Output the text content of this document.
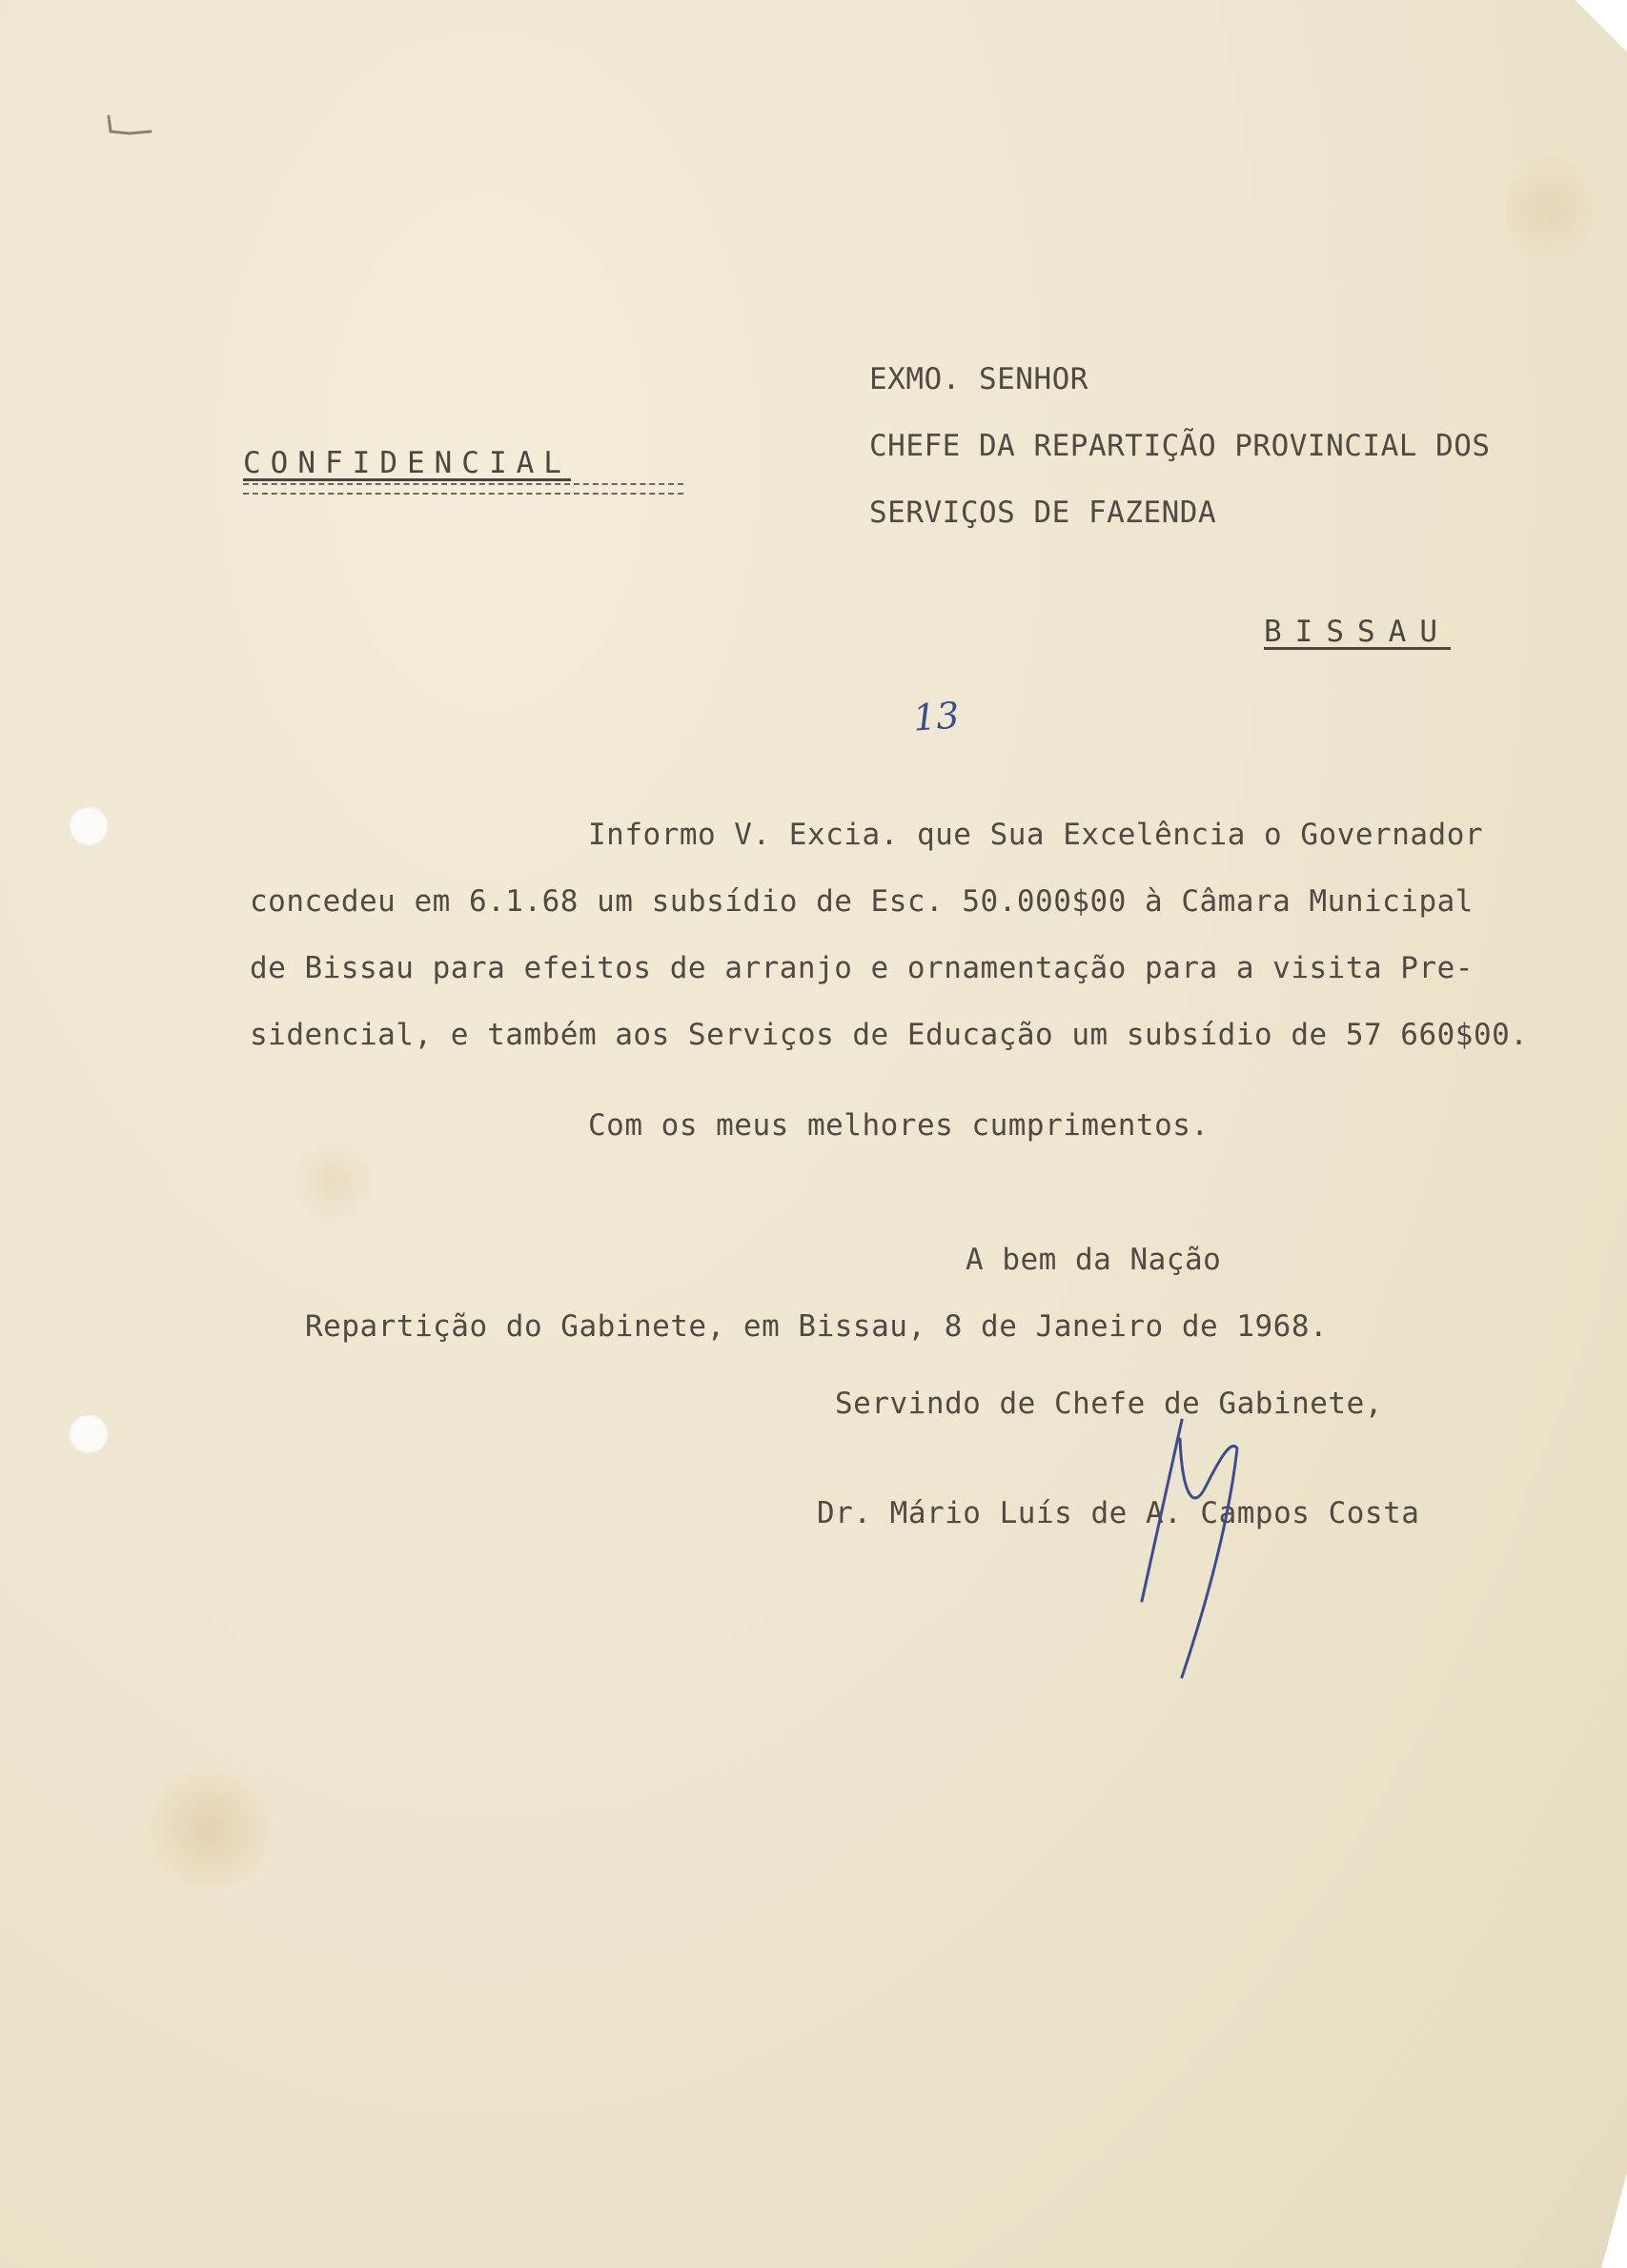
CONFIDENCIAL
EXMO. SENHOR
CHEFE DA REPARTIÇÃO PROVINCIAL DOS
SERVIÇOS DE FAZENDA
BISSAU
13
Informo V. Excia. que Sua Excelência o Governador
concedeu em 6.1.68 um subsídio de Esc. 50.000$00 à Câmara Municipal
de Bissau para efeitos de arranjo e ornamentação para a visita Pre-
sidencial, e também aos Serviços de Educação um subsídio de 57 660$00.
Com os meus melhores cumprimentos.
A bem da Nação
Repartição do Gabinete, em Bissau, 8 de Janeiro de 1968.
Servindo de Chefe de Gabinete,
Dr. Mário Luís de A. Campos Costa
